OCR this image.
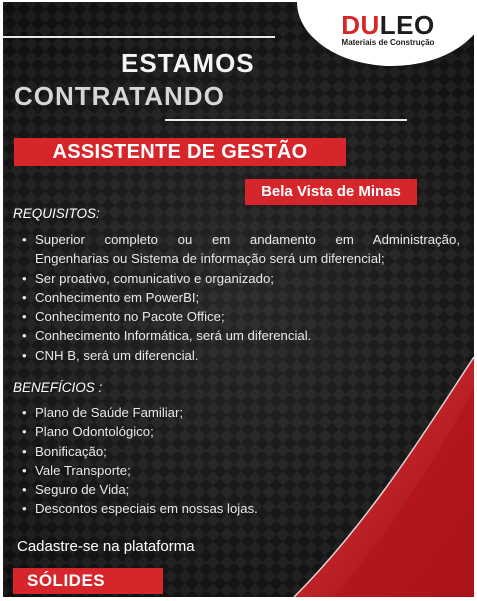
DULEO
Materiais de Construção
ESTAMOS
CONTRATANDO
ASSISTENTE DE GESTÃO
Bela Vista de Minas
REQUISITOS:
• Superior completo ou em andamento em Administração,
Engenharias ou Sistema de informação será um diferencial;
• Ser proativo, comunicativo e organizado;
• Conhecimento em PowerBI;
• Conhecimento no Pacote Office;
• Conhecimento Informática, será um diferencial.
• CNH B, será um diferencial.
BENEFÍCIOS :
• Plano de Saúde Familiar;
• Plano Odontológico;
• Bonificação;
• Vale Transporte;
• Seguro de Vida;
• Descontos especiais em nossas lojas.
Cadastre-se na plataforma
SÓLIDES
